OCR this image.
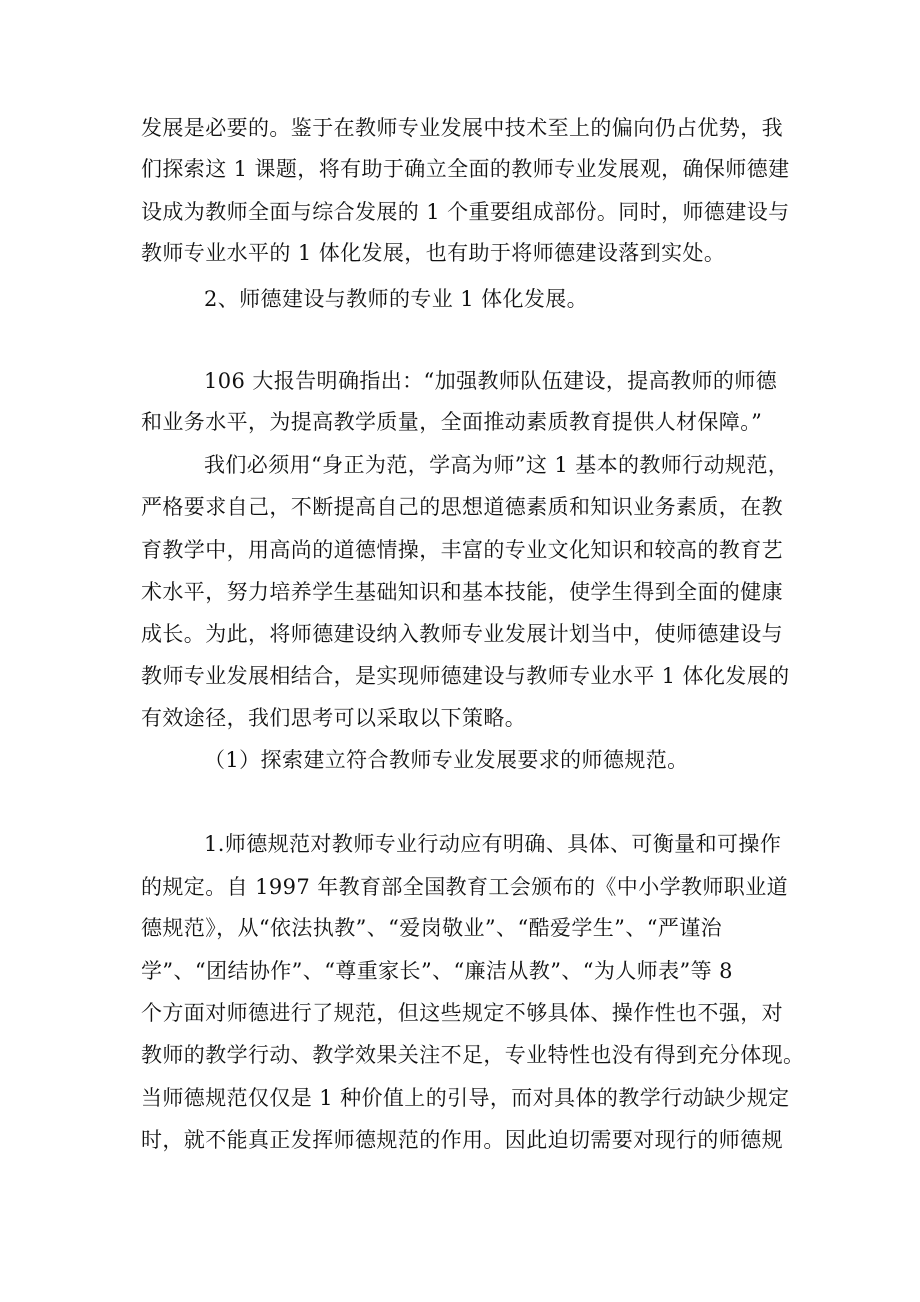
发展是必要的。鉴于在教师专业发展中技术至上的偏向仍占优势，我
们探索这 1 课题，将有助于确立全面的教师专业发展观，确保师德建
设成为教师全面与综合发展的 1 个重要组成部份。同时，师德建设与
教师专业水平的 1 体化发展，也有助于将师德建设落到实处。
2、师德建设与教师的专业 1 体化发展。
106 大报告明确指出：“加强教师队伍建设，提高教师的师德
和业务水平，为提高教学质量，全面推动素质教育提供人材保障。”
我们必须用“身正为范，学高为师”这 1 基本的教师行动规范，
严格要求自己，不断提高自己的思想道德素质和知识业务素质，在教
育教学中，用高尚的道德情操，丰富的专业文化知识和较高的教育艺
术水平，努力培养学生基础知识和基本技能，使学生得到全面的健康
成长。为此，将师德建设纳入教师专业发展计划当中，使师德建设与
教师专业发展相结合，是实现师德建设与教师专业水平 1 体化发展的
有效途径，我们思考可以采取以下策略。
（1）探索建立符合教师专业发展要求的师德规范。
1.师德规范对教师专业行动应有明确、具体、可衡量和可操作
的规定。自 1997 年教育部全国教育工会颁布的《中小学教师职业道
德规范》，从“依法执教”、“爱岗敬业”、“酷爱学生”、“严谨治
学”、“团结协作”、“尊重家长”、“廉洁从教”、“为人师表”等 8
个方面对师德进行了规范，但这些规定不够具体、操作性也不强，对
教师的教学行动、教学效果关注不足，专业特性也没有得到充分体现。
当师德规范仅仅是 1 种价值上的引导，而对具体的教学行动缺少规定
时，就不能真正发挥师德规范的作用。因此迫切需要对现行的师德规
